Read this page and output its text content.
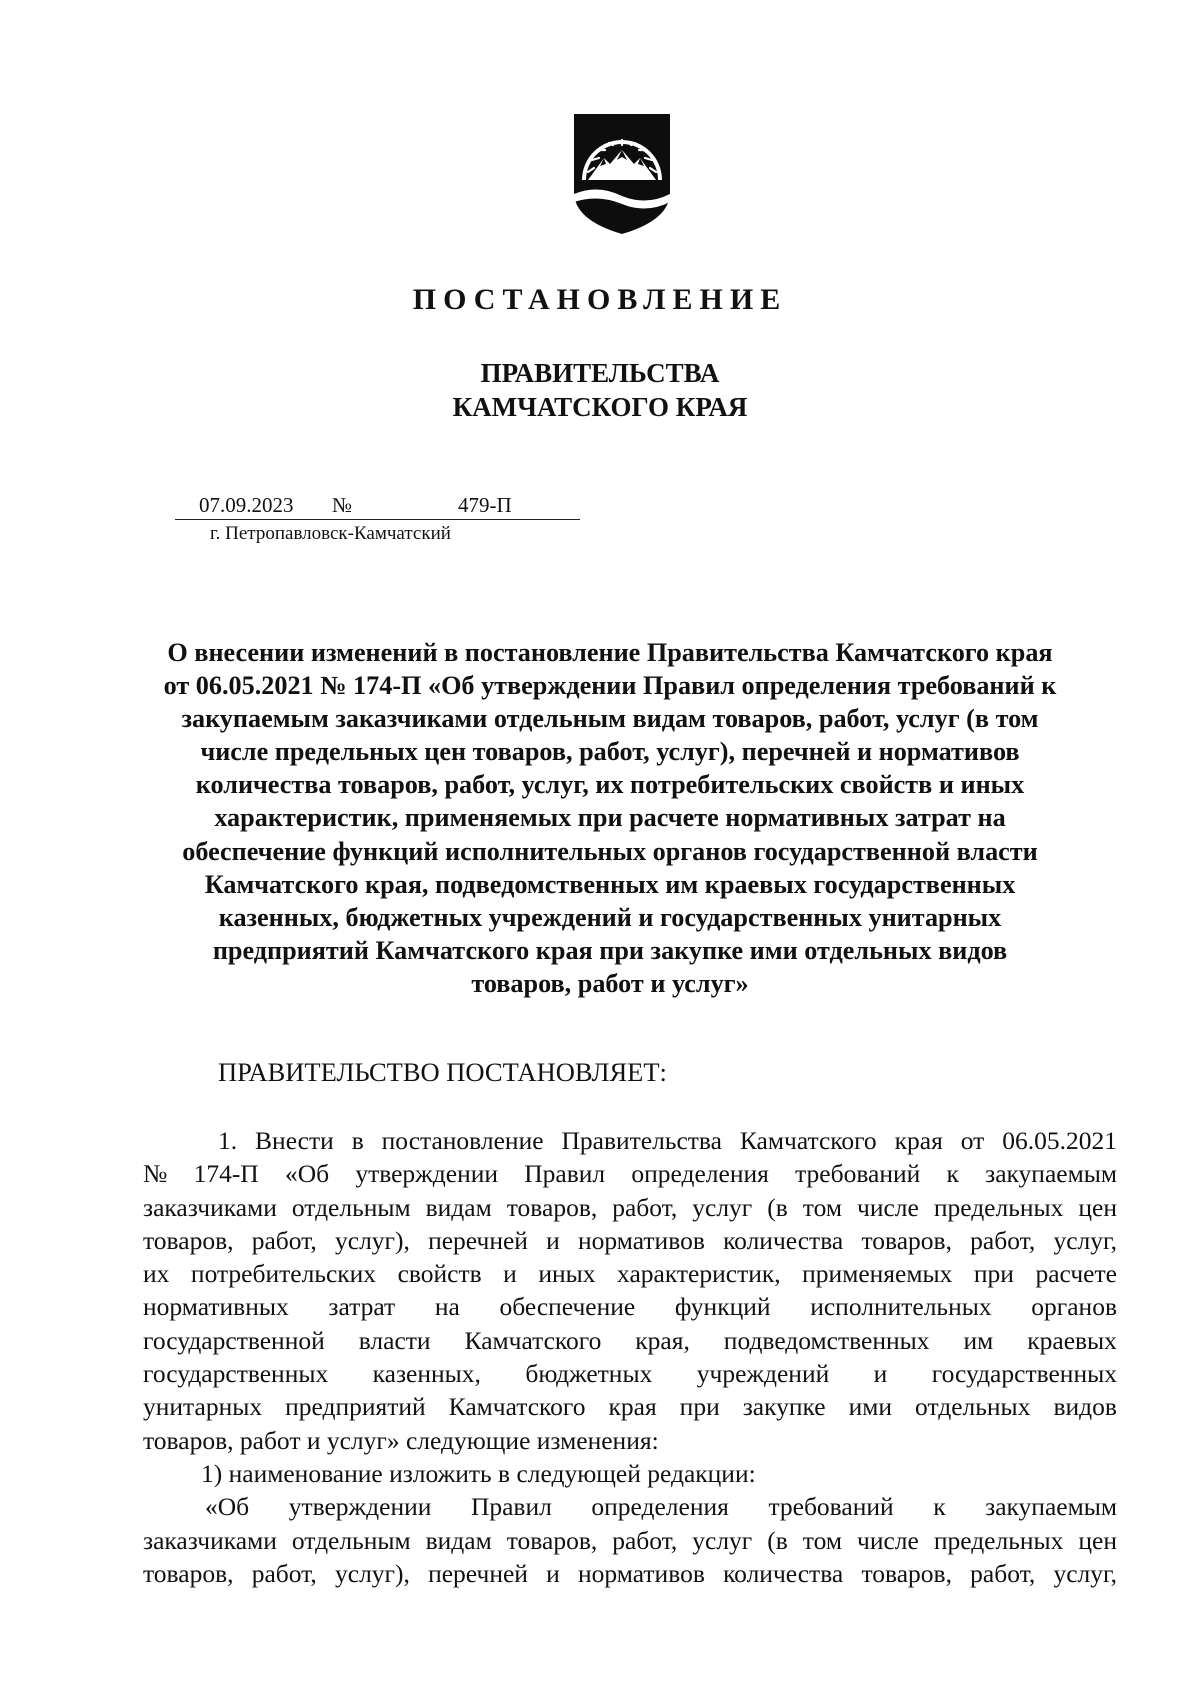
ПОСТАНОВЛЕНИЕ
ПРАВИТЕЛЬСТВА
КАМЧАТСКОГО КРАЯ
07.09.2023 №	479-П
г. Петропавловск-Камчатский
О внесении изменений в постановление Правительства Камчатского края
от 06.05.2021 № 174-П «Об утверждении Правил определения требований к
закупаемым заказчиками отдельным видам товаров, работ, услуг (в том
числе предельных цен товаров, работ, услуг), перечней и нормативов
количества товаров, работ, услуг, их потребительских свойств и иных
характеристик, применяемых при расчете нормативных затрат на
обеспечение функций исполнительных органов государственной власти
Камчатского края, подведомственных им краевых государственных
казенных, бюджетных учреждений и государственных унитарных
предприятий Камчатского края при закупке ими отдельных видов
товаров, работ и услуг»
ПРАВИТЕЛЬСТВО ПОСТАНОВЛЯЕТ:
1. Внести в постановление Правительства Камчатского края от 06.05.2021
№ 174-П «Об утверждении Правил определения требований к закупаемым
заказчиками отдельным видам товаров, работ, услуг (в том числе предельных цен
товаров, работ, услуг), перечней и нормативов количества товаров, работ, услуг,
их потребительских свойств и иных характеристик, применяемых при расчете
нормативных затрат на обеспечение функций исполнительных органов
государственной власти Камчатского края, подведомственных им краевых
государственных казенных, бюджетных учреждений и государственных
унитарных предприятий Камчатского края при закупке ими отдельных видов
товаров, работ и услуг» следующие изменения:
1) наименование изложить в следующей редакции:
«Об утверждении Правил определения требований к закупаемым
заказчиками отдельным видам товаров, работ, услуг (в том числе предельных цен
товаров, работ, услуг), перечней и нормативов количества товаров, работ, услуг,
